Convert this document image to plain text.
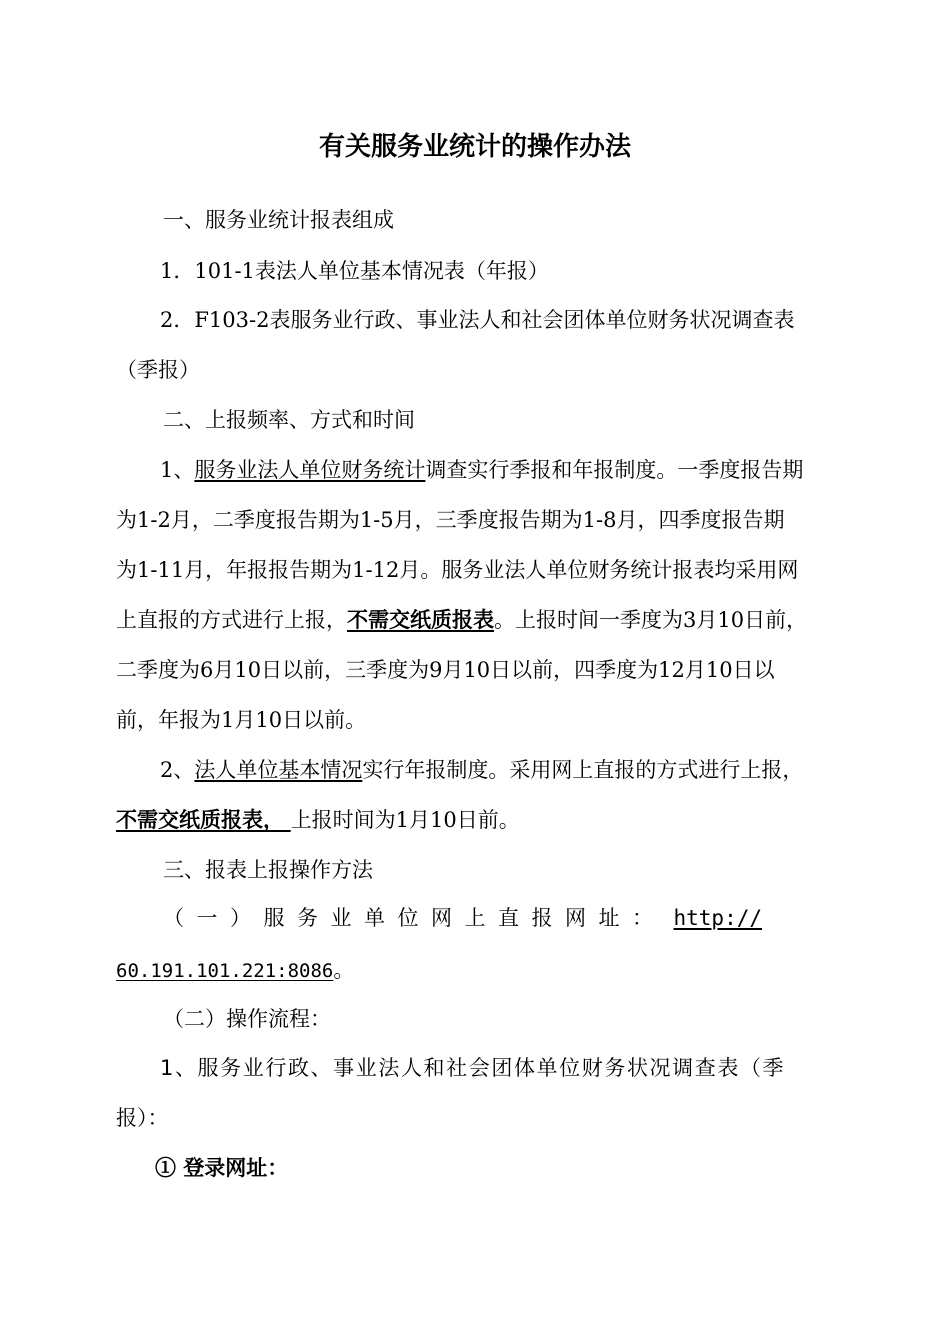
有关服务业统计的操作办法
一、服务业统计报表组成
1．101-1表法人单位基本情况表（年报）
2．F103-2表服务业行政、事业法人和社会团体单位财务状况调查表
（季报）
二、上报频率、方式和时间
1、服务业法人单位财务统计调查实行季报和年报制度。一季度报告期
为1-2月，二季度报告期为1-5月，三季度报告期为1-8月，四季度报告期
为1-11月，年报报告期为1-12月。服务业法人单位财务统计报表均采用网
上直报的方式进行上报，不需交纸质报表。上报时间一季度为3月10日前，
二季度为6月10日以前，三季度为9月10日以前，四季度为12月10日以
前，年报为1月10日以前。
2、法人单位基本情况实行年报制度。采用网上直报的方式进行上报，
不需交纸质报表， 上报时间为1月10日前。
三、报表上报操作方法
（一）服务业单位网上直报网址： http://
60.191.101.221:8086。
（二）操作流程：
1、服务业行政、事业法人和社会团体单位财务状况调查表（季
报）：
① 登录网址：
